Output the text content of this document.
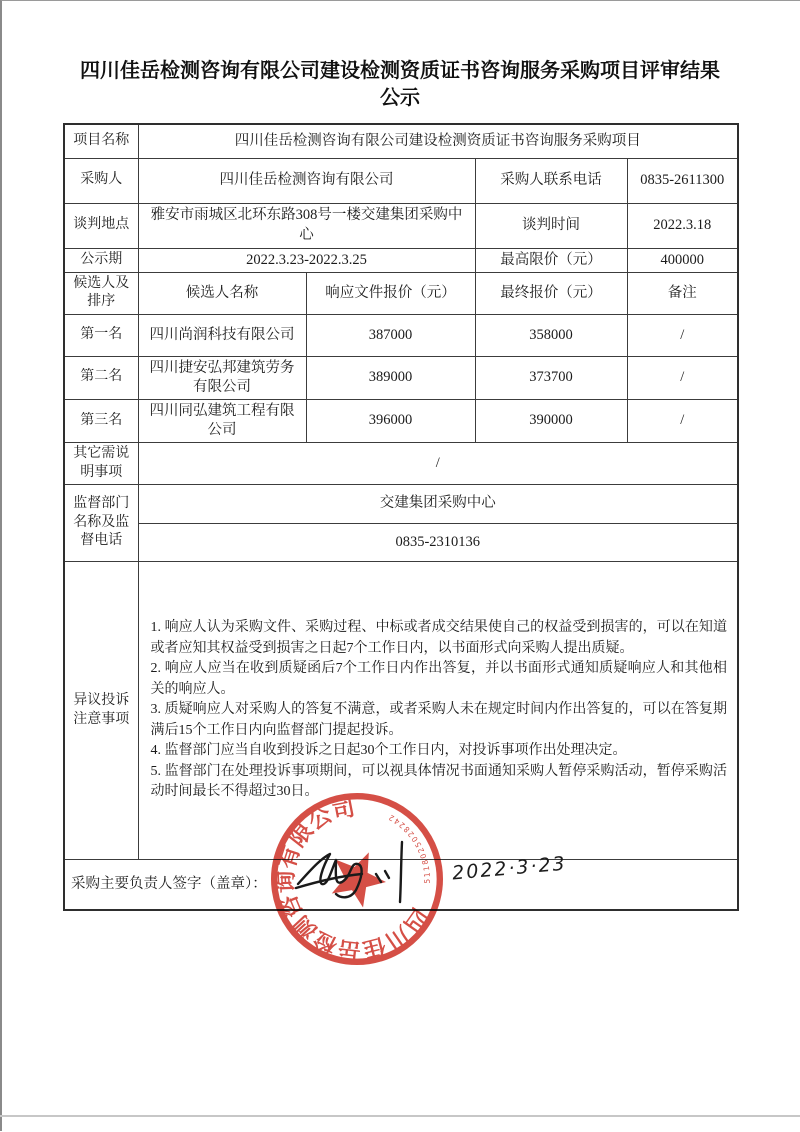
四川佳岳检测咨询有限公司建设检测资质证书咨询服务采购项目评审结果公示
项目名称	四川佳岳检测咨询有限公司建设检测资质证书咨询服务采购项目			
采购人	四川佳岳检测咨询有限公司		采购人联系电话	0835-2611300
谈判地点	雅安市雨城区北环东路308号一楼交建集团采购中心		谈判时间	2022.3.18
公示期	2022.3.23-2022.3.25		最高限价（元）	400000
候选人及排序	候选人名称	响应文件报价（元）	最终报价（元）	备注
第一名	四川尚润科技有限公司	387000	358000	/
第二名	四川捷安弘邦建筑劳务有限公司	389000	373700	/
第三名	四川同弘建筑工程有限公司	396000	390000	/
其它需说明事项	/			
监督部门名称及监督电话	交建集团采购中心			
	0835-2310136			
异议投诉注意事项	1. 响应人认为采购文件、采购过程、中标或者成交结果使自己的权益受到损害的，可以在知道或者应知其权益受到损害之日起7个工作日内，以书面形式向采购人提出质疑。
2. 响应人应当在收到质疑函后7个工作日内作出答复，并以书面形式通知质疑响应人和其他相关的响应人。
3. 质疑响应人对采购人的答复不满意，或者采购人未在规定时间内作出答复的，可以在答复期满后15个工作日内向监督部门提起投诉。
4. 监督部门应当自收到投诉之日起30个工作日内，对投诉事项作出处理决定。
5. 监督部门在处理投诉事项期间，可以视具体情况书面通知采购人暂停采购活动，暂停采购活动时间最长不得超过30日。			

采购主要负责人签字（盖章）：				
四川佳岳检测咨询有限公司
5118025028242
2022·3·23
